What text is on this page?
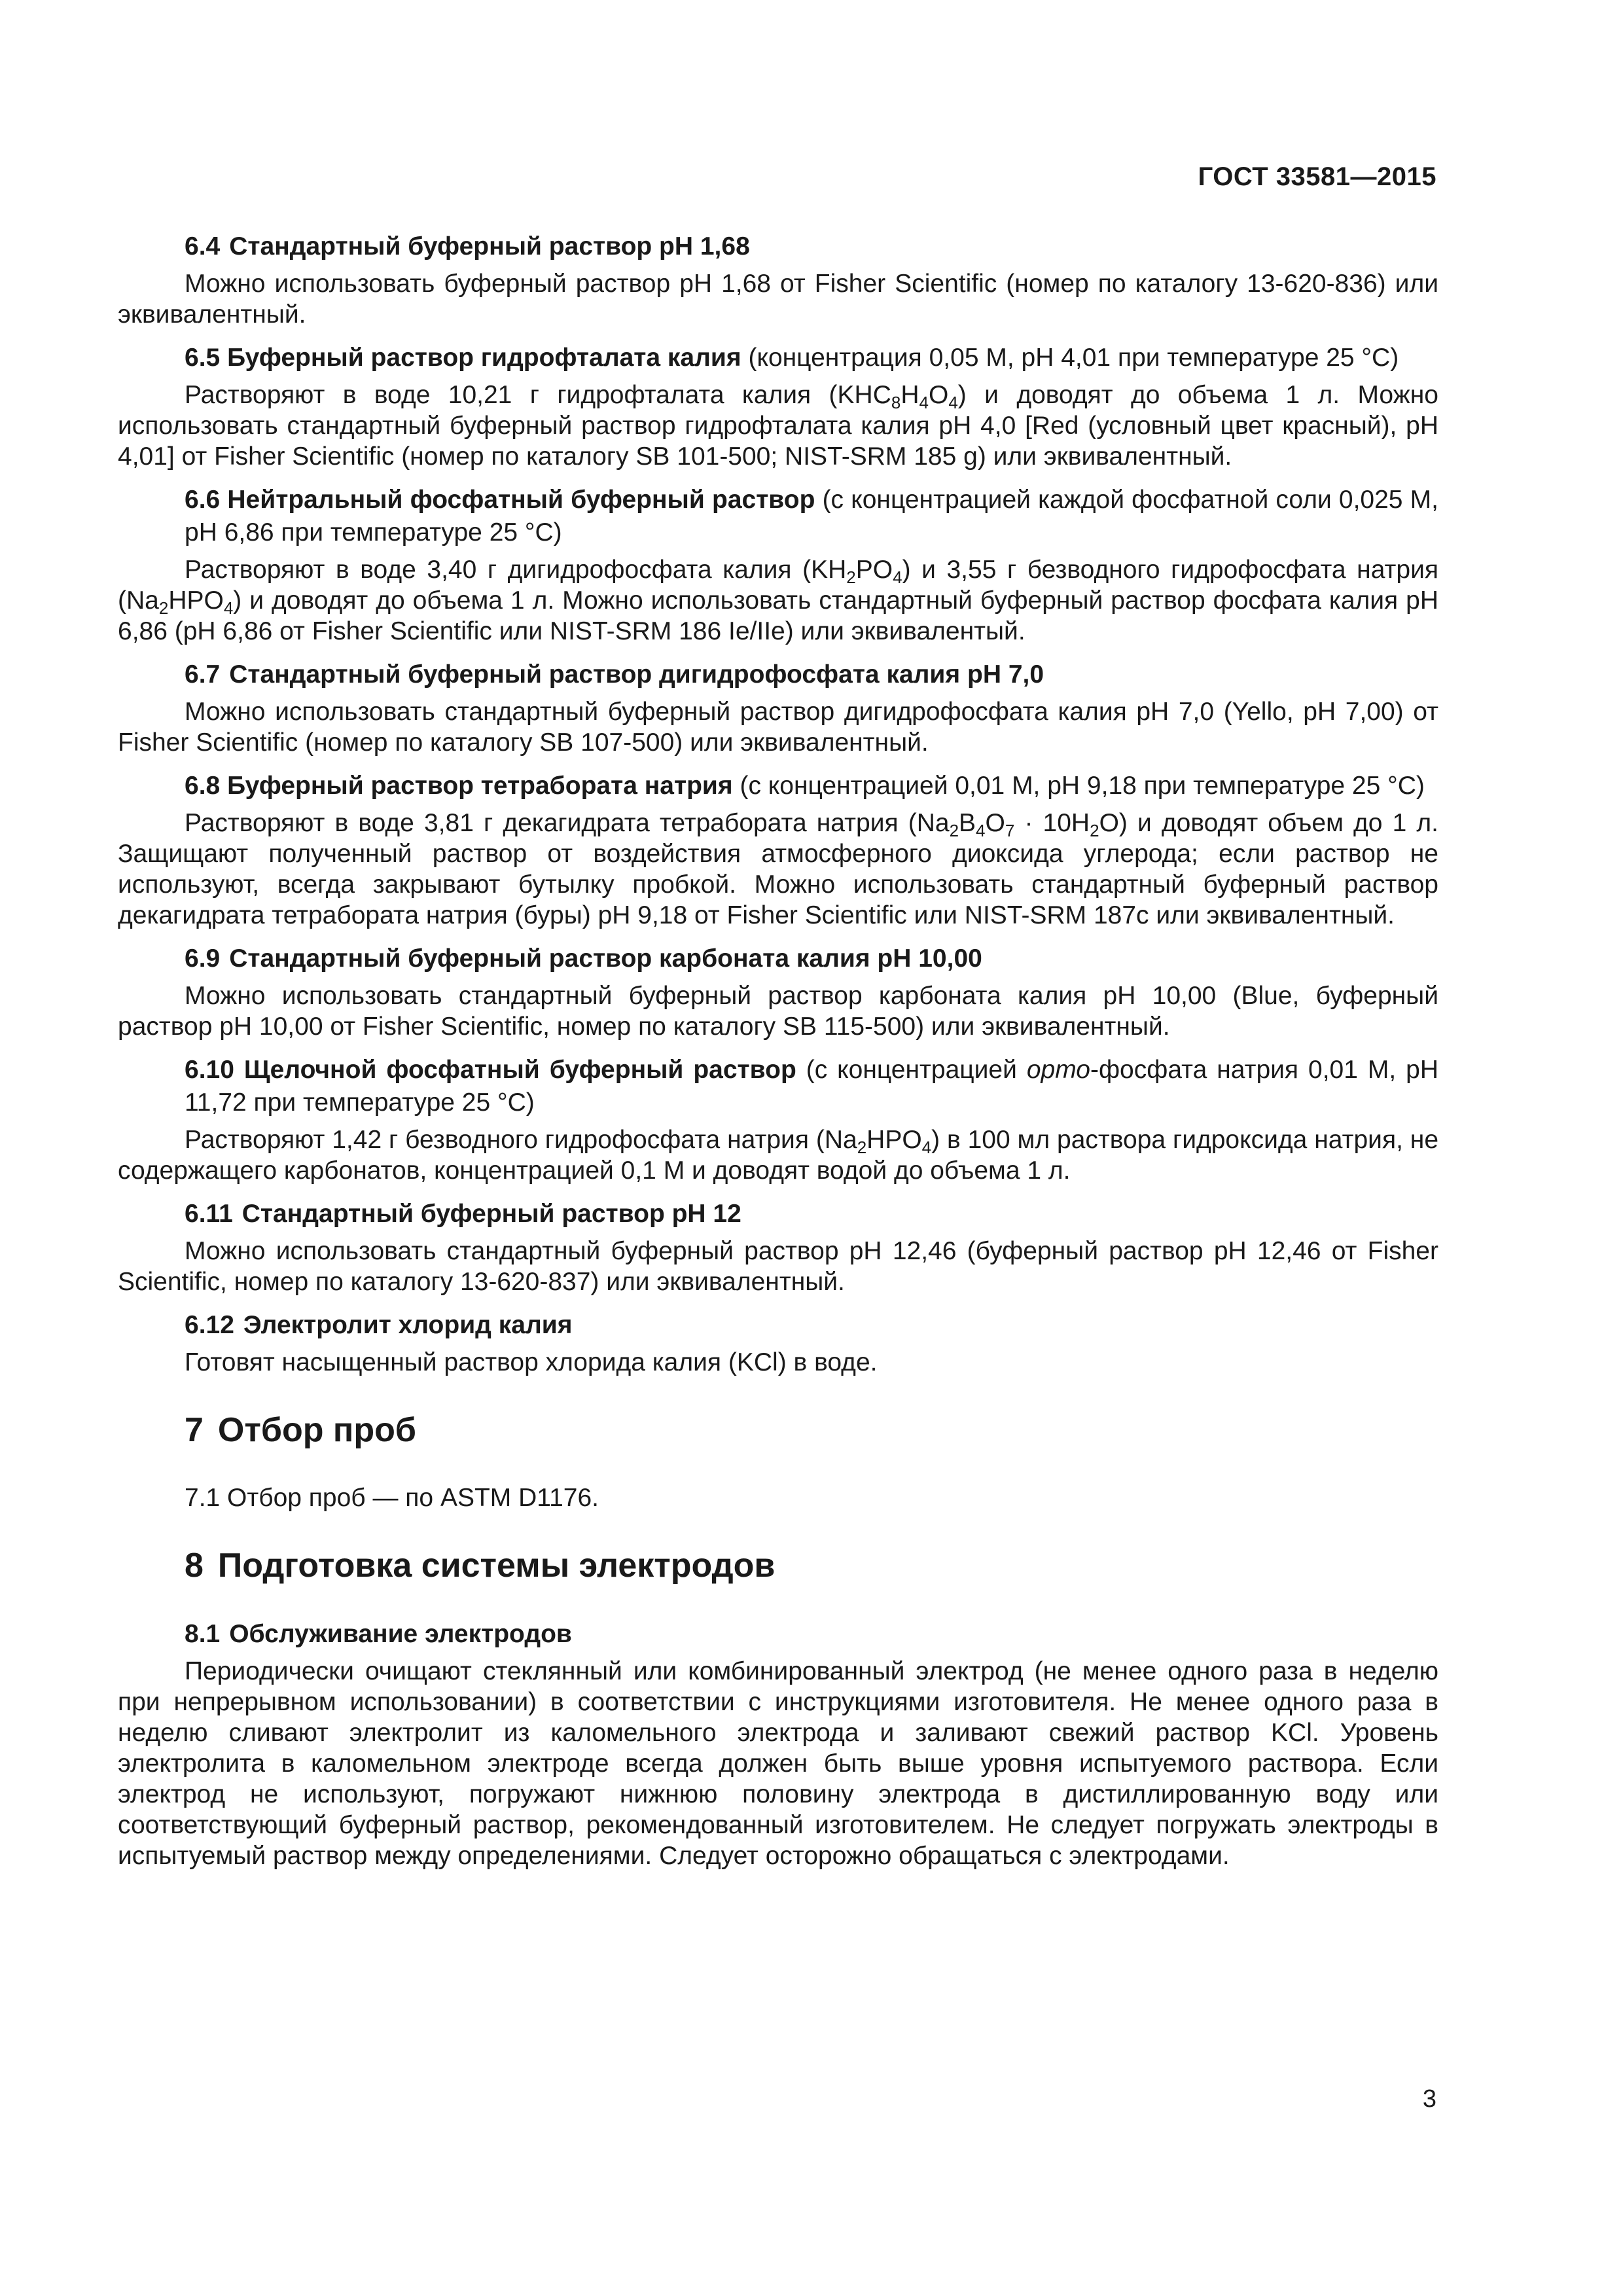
ГОСТ 33581—2015
6.4 Стандартный буферный раствор рН 1,68

Можно использовать буферный раствор рН 1,68 от Fisher Scientific (номер по каталогу 13-620-836) или эквивалентный.

6.5 Буферный раствор гидрофталата калия (концентрация 0,05 М, рН 4,01 при температуре 25 °С)

Растворяют в воде 10,21 г гидрофталата калия $(KHC_8H_4O_4)$ и доводят до объема 1 л. Можно использовать стандартный буферный раствор гидрофталата калия рН 4,0 [Red (условный цвет красный), рН 4,01] от Fisher Scientific (номер по каталогу SB 101-500; NIST-SRM 185 g) или эквивалентный.

6.6 Нейтральный фосфатный буферный раствор (с концентрацией каждой фосфатной соли 0,025 М, рН 6,86 при температуре 25 °С)

Растворяют в воде 3,40 г дигидрофосфата калия $(KH_2PO_4)$ и 3,55 г безводного гидрофосфата натрия $(Na_2HPO_4)$ и доводят до объема 1 л. Можно использовать стандартный буферный раствор фосфата калия рН 6,86 (рН 6,86 от Fisher Scientific или NIST-SRM 186 Ie/IIe) или эквивалентый.

6.7 Стандартный буферный раствор дигидрофосфата калия рН 7,0

Можно использовать стандартный буферный раствор дигидрофосфата калия рН 7,0 (Yello, рН 7,00) от Fisher Scientific (номер по каталогу SB 107-500) или эквивалентный.

6.8 Буферный раствор тетрабората натрия (с концентрацией 0,01 М, рН 9,18 при температуре 25 °С)

Растворяют в воде 3,81 г декагидрата тетрабората натрия $(Na_2B_4O_7 \cdot 10H_2O)$ и доводят объем до 1 л. Защищают полученный раствор от воздействия атмосферного диоксида углерода; если раствор не используют, всегда закрывают бутылку пробкой. Можно использовать стандартный буферный раствор декагидрата тетрабората натрия (буры) рН 9,18 от Fisher Scientific или NIST-SRM 187c или эквивалентный.

6.9 Стандартный буферный раствор карбоната калия рН 10,00

Можно использовать стандартный буферный раствор карбоната калия рН 10,00 (Blue, буферный раствор рН 10,00 от Fisher Scientific, номер по каталогу SB 115-500) или эквивалентный.

6.10 Щелочной фосфатный буферный раствор (с концентрацией орто-фосфата натрия 0,01 М, рН 11,72 при температуре 25 °С)

Растворяют 1,42 г безводного гидрофосфата натрия $(Na_2HPO_4)$ в 100 мл раствора гидроксида натрия, не содержащего карбонатов, концентрацией 0,1 М и доводят водой до объема 1 л.

6.11 Стандартный буферный раствор рН 12

Можно использовать стандартный буферный раствор рН 12,46 (буферный раствор рН 12,46 от Fisher Scientific, номер по каталогу 13-620-837) или эквивалентный.

6.12 Электролит хлорид калия

Готовят насыщенный раствор хлорида калия (KCl) в воде.

7 Отбор проб

7.1 Отбор проб — по ASTM D1176.

8 Подготовка системы электродов
8.1 Обслуживание электродов

Периодически очищают стеклянный или комбинированный электрод (не менее одного раза в неделю при непрерывном использовании) в соответствии с инструкциями изготовителя. Не менее одного раза в неделю сливают электролит из каломельного электрода и заливают свежий раствор KCl. Уровень электролита в каломельном электроде всегда должен быть выше уровня испытуемого раствора. Если электрод не используют, погружают нижнюю половину электрода в дистиллированную воду или соответствующий буферный раствор, рекомендованный изготовителем. Не следует погружать электроды в испытуемый раствор между определениями. Следует осторожно обращаться с электродами.

3
